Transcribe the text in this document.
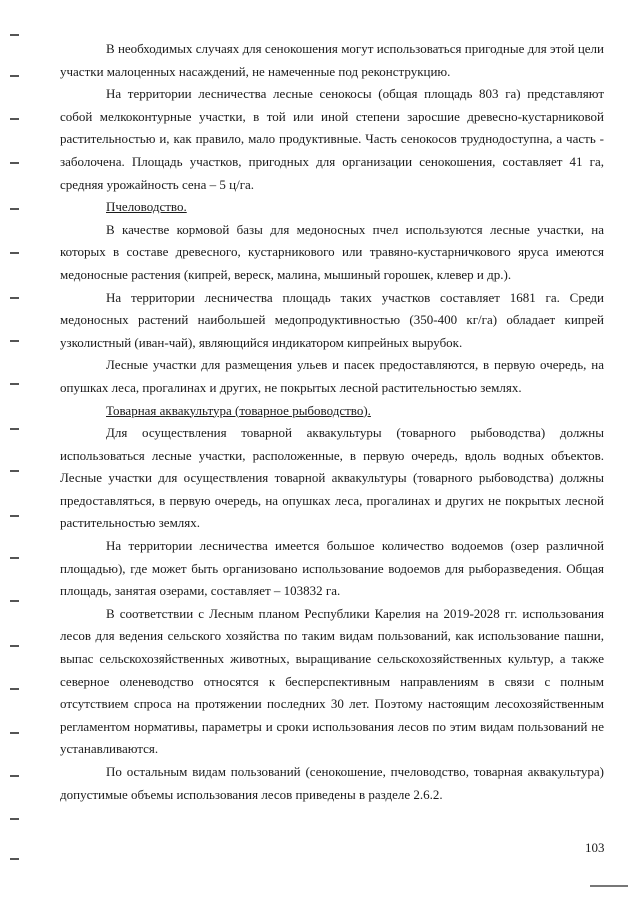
В необходимых случаях для сенокошения могут использоваться пригодные для этой цели участки малоценных насаждений, не намеченные под реконструкцию.

На территории лесничества лесные сенокосы (общая площадь 803 га) представляют собой мелкоконтурные участки, в той или иной степени заросшие древесно-кустарниковой растительностью и, как правило, мало продуктивные. Часть сенокосов труднодоступна, а часть - заболочена. Площадь участков, пригодных для организации сенокошения, составляет 41 га, средняя урожайность сена – 5 ц/га.

Пчеловодство.

В качестве кормовой базы для медоносных пчел используются лесные участки, на которых в составе древесного, кустарникового или травяно-кустарничкового яруса имеются медоносные растения (кипрей, вереск, малина, мышиный горошек, клевер и др.).

На территории лесничества площадь таких участков составляет 1681 га. Среди медоносных растений наибольшей медопродуктивностью (350-400 кг/га) обладает кипрей узколистный (иван-чай), являющийся индикатором кипрейных вырубок.

Лесные участки для размещения ульев и пасек предоставляются, в первую очередь, на опушках леса, прогалинах и других, не покрытых лесной растительностью землях.

Товарная аквакультура (товарное рыбоводство).

Для осуществления товарной аквакультуры (товарного рыбоводства) должны использоваться лесные участки, расположенные, в первую очередь, вдоль водных объектов. Лесные участки для осуществления товарной аквакультуры (товарного рыбоводства) должны предоставляться, в первую очередь, на опушках леса, прогалинах и других не покрытых лесной растительностью землях.

На территории лесничества имеется большое количество водоемов (озер различной площадью), где может быть организовано использование водоемов для рыборазведения. Общая площадь, занятая озерами, составляет – 103832 га.

В соответствии с Лесным планом Республики Карелия на 2019-2028 гг. использования лесов для ведения сельского хозяйства по таким видам пользований, как использование пашни, выпас сельскохозяйственных животных, выращивание сельскохозяйственных культур, а также северное оленеводство относятся к бесперспективным направлениям в связи с полным отсутствием спроса на протяжении последних 30 лет. Поэтому настоящим лесохозяйственным регламентом нормативы, параметры и сроки использования лесов по этим видам пользований не устанавливаются.

По остальным видам пользований (сенокошение, пчеловодство, товарная аквакультура) допустимые объемы использования лесов приведены в разделе 2.6.2.

103
